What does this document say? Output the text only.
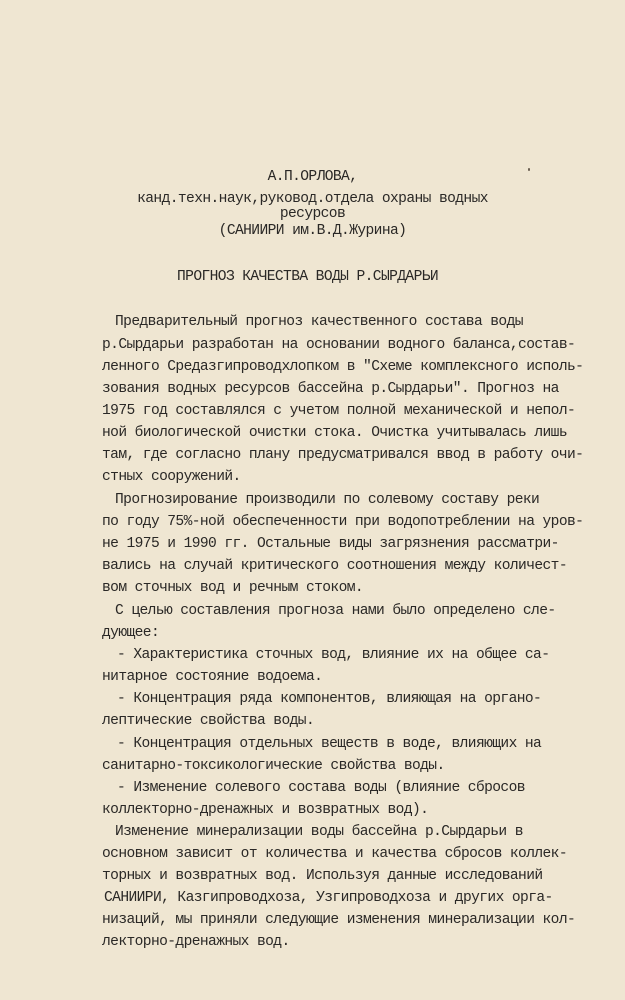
А.П.ОРЛОВА,
канд.техн.наук,руковод.отдела охраны водных
ресурсов
(САНИИРИ им.В.Д.Журина)
ПРОГНОЗ КАЧЕСТВА ВОДЫ Р.СЫРДАРЬИ
Предварительный прогноз качественного состава воды
р.Сырдарьи разработан на основании водного баланса,состав-
ленного Средазгипроводхлопком в "Схеме комплексного исполь-
зования водных ресурсов бассейна р.Сырдарьи". Прогноз на
1975 год составлялся с учетом полной механической и непол-
ной биологической очистки стока. Очистка учитывалась лишь
там, где согласно плану предусматривался ввод в работу очи-
стных сооружений.
Прогнозирование производили по солевому составу реки
по году 75%-ной обеспеченности при водопотреблении на уров-
не 1975 и 1990 гг. Остальные виды загрязнения рассматри-
вались на случай критического соотношения между количест-
вом сточных вод и речным стоком.
С целью составления прогноза нами было определено сле-
дующее:
- Характеристика сточных вод, влияние их на общее са-
нитарное состояние водоема.
- Концентрация ряда компонентов, влияющая на органо-
лептические свойства воды.
- Концентрация отдельных веществ в воде, влияющих на
санитарно-токсикологические свойства воды.
- Изменение солевого состава воды (влияние сбросов
коллекторно-дренажных и возвратных вод).
Изменение минерализации воды бассейна р.Сырдарьи в
основном зависит от количества и качества сбросов коллек-
торных и возвратных вод. Используя данные исследований
САНИИРИ, Казгипроводхоза, Узгипроводхоза и других орга-
низаций, мы приняли следующие изменения минерализации кол-
лекторно-дренажных вод.
